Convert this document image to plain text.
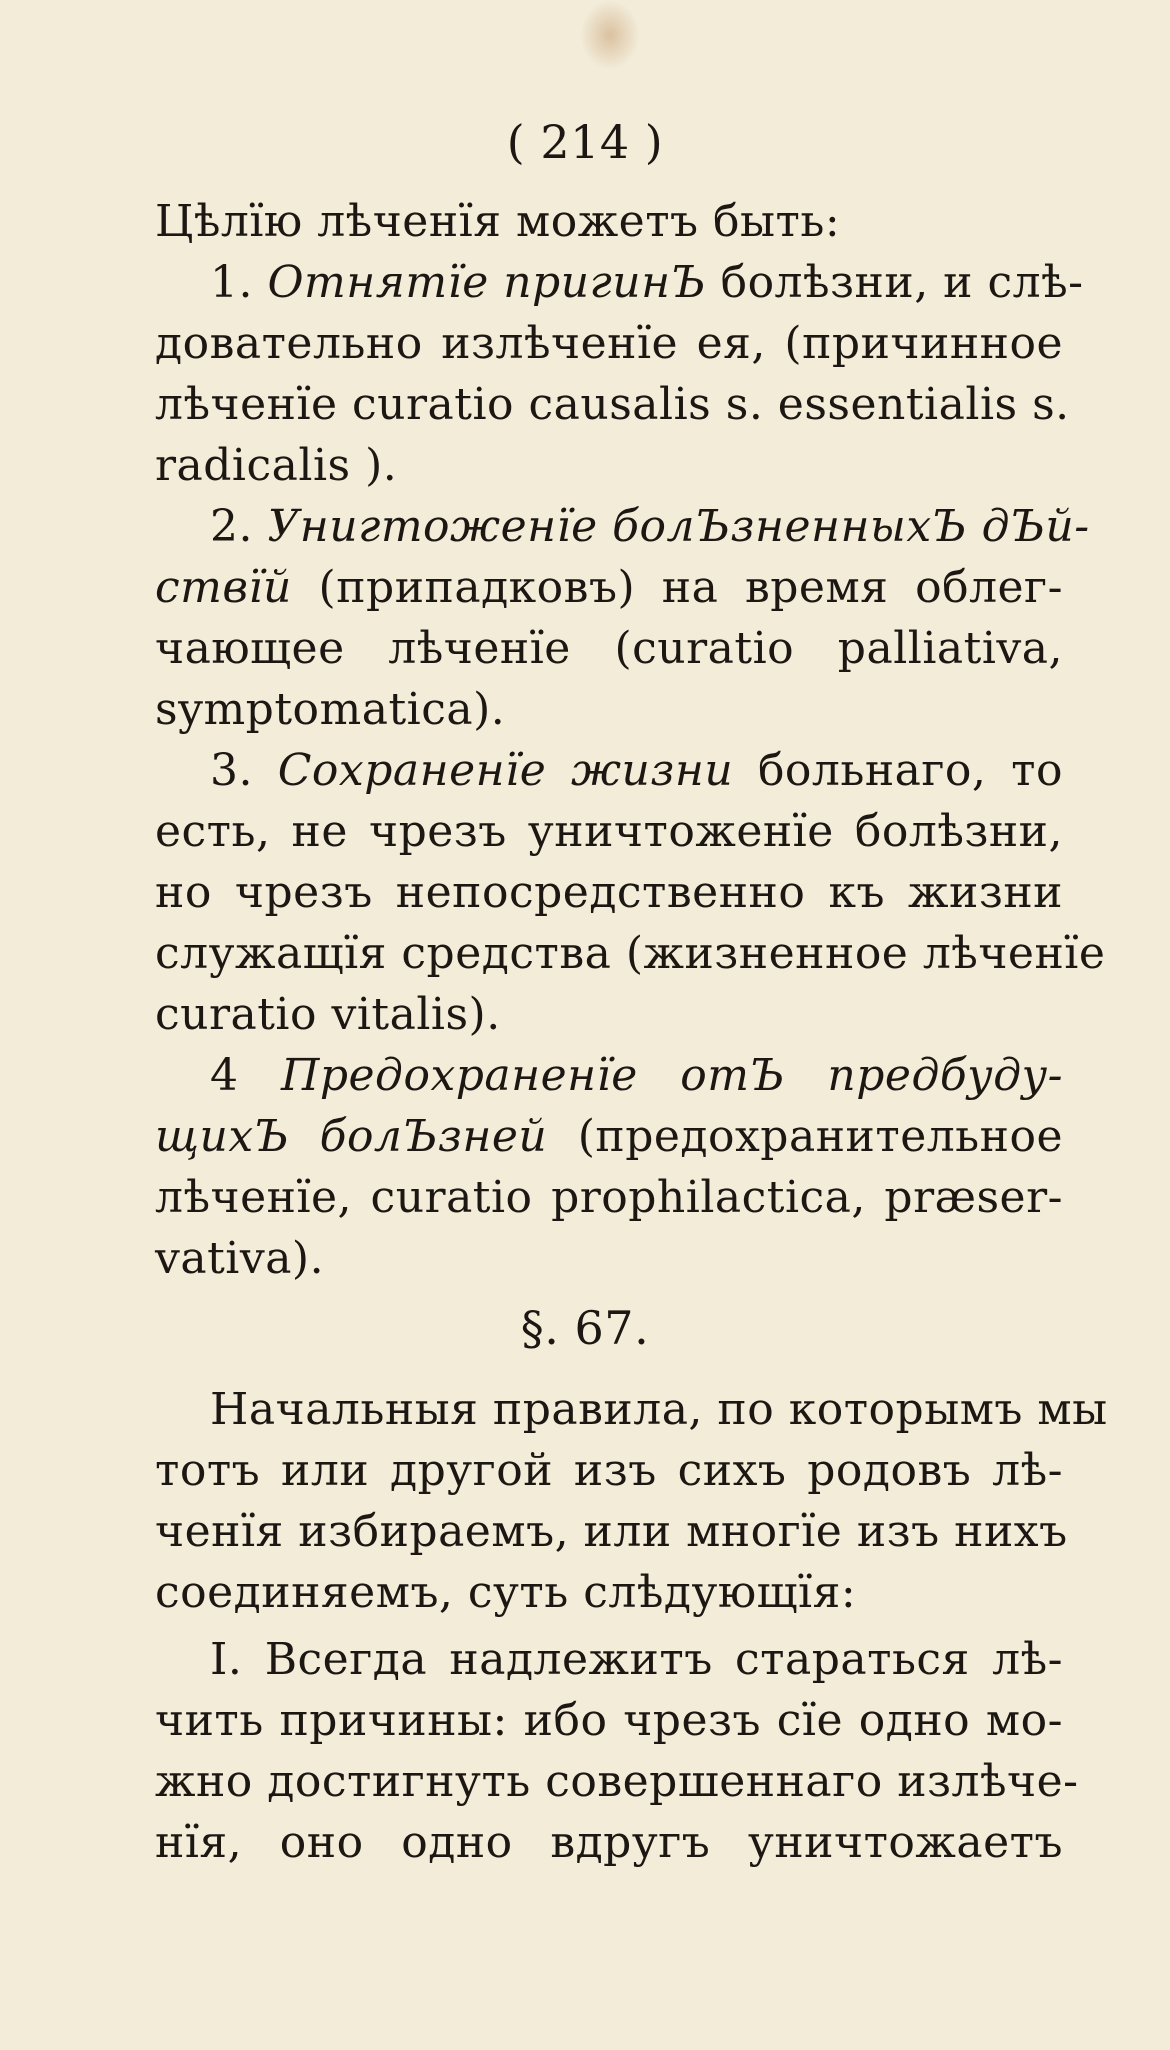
( 214 )
Цѣлїю лѣченїя можетъ быть:
1. Отнятїе пригинЪ болѣзни, и слѣ-
довательно излѣченїе ея, (причинное
лѣченїе curatio causalis s. essentialis s.
radicalis ).
2. Унигтоженїе болЪзненныхЪ дЪй-
ствїй (припадковъ) на время облег-
чающее лѣченїе (curatio palliativa,
symptomatica).
3. Сохраненїе жизни больнаго, то
есть, не чрезъ уничтоженїе болѣзни,
но чрезъ непосредственно къ жизни
служащїя средства (жизненное лѣченїе
curatio vitalis).
4 Предохраненїе отЪ предбуду-
щихЪ болЪзней (предохранительное
лѣченїе, curatio prophilactica, præser-
vativa).
§. 67.
Начальныя правила, по которымъ мы
тотъ или другой изъ сихъ родовъ лѣ-
ченїя избираемъ, или многїе изъ нихъ
соединяемъ, суть слѣдующїя:
I. Всегда надлежитъ стараться лѣ-
чить причины: ибо чрезъ сїе одно мо-
жно достигнуть совершеннаго излѣче-
нїя, оно одно вдругъ уничтожаетъ
